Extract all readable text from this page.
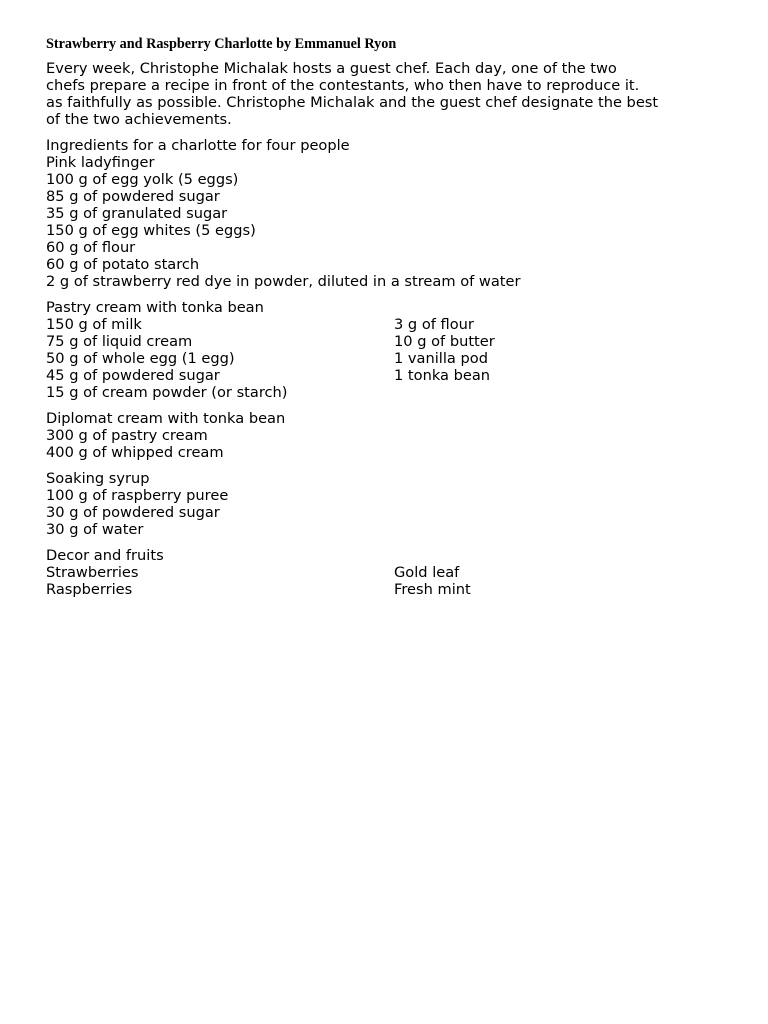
Strawberry and Raspberry Charlotte by Emmanuel Ryon
Every week, Christophe Michalak hosts a guest chef. Each day, one of the two
chefs prepare a recipe in front of the contestants, who then have to reproduce it.
as faithfully as possible. Christophe Michalak and the guest chef designate the best
of the two achievements.
Ingredients for a charlotte for four people
Pink ladyfinger
100 g of egg yolk (5 eggs)
85 g of powdered sugar
35 g of granulated sugar
150 g of egg whites (5 eggs)
60 g of flour
60 g of potato starch
2 g of strawberry red dye in powder, diluted in a stream of water
Pastry cream with tonka bean
150 g of milk
75 g of liquid cream
50 g of whole egg (1 egg)
45 g of powdered sugar
15 g of cream powder (or starch)
3 g of flour
10 g of butter
1 vanilla pod
1 tonka bean
Diplomat cream with tonka bean
300 g of pastry cream
400 g of whipped cream
Soaking syrup
100 g of raspberry puree
30 g of powdered sugar
30 g of water
Decor and fruits
Strawberries
Raspberries
Gold leaf
Fresh mint
